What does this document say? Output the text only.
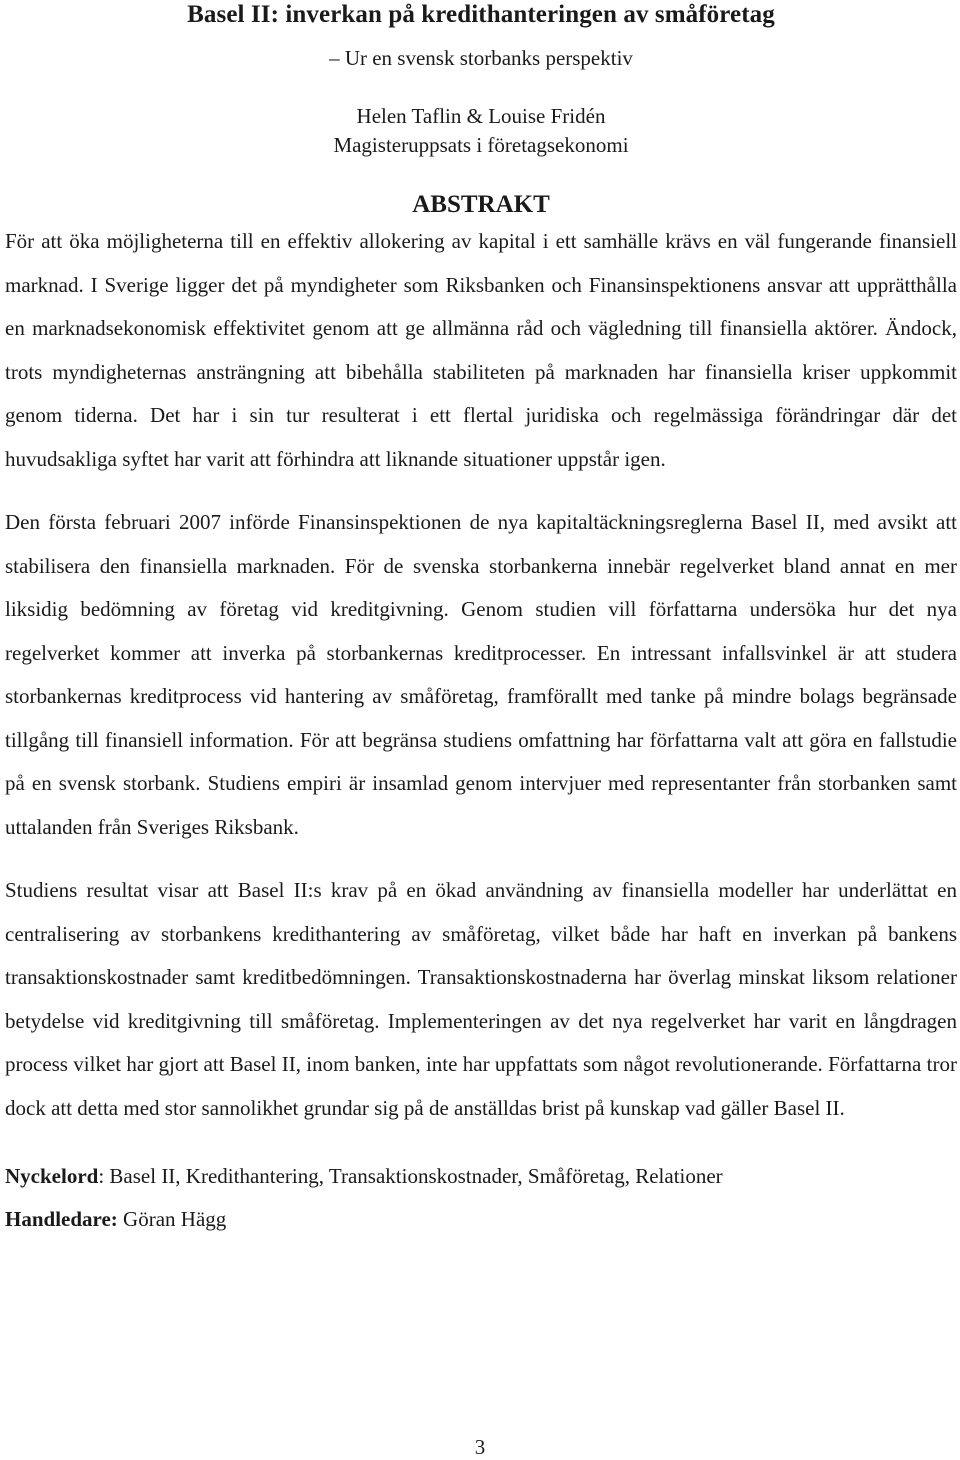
Basel II: inverkan på kredithanteringen av småföretag

– Ur en svensk storbanks perspektiv

Helen Taflin & Louise Fridén

Magisteruppsats i företagsekonomi

ABSTRAKT

För att öka möjligheterna till en effektiv allokering av kapital i ett samhälle krävs en väl fungerande finansiell marknad. I Sverige ligger det på myndigheter som Riksbanken och Finansinspektionens ansvar att upprätthålla en marknadsekonomisk effektivitet genom att ge allmänna råd och vägledning till finansiella aktörer. Ändock, trots myndigheternas ansträngning att bibehålla stabiliteten på marknaden har finansiella kriser uppkommit genom tiderna. Det har i sin tur resulterat i ett flertal juridiska och regelmässiga förändringar där det huvudsakliga syftet har varit att förhindra att liknande situationer uppstår igen.

Den första februari 2007 införde Finansinspektionen de nya kapitaltäckningsreglerna Basel II, med avsikt att stabilisera den finansiella marknaden. För de svenska storbankerna innebär regelverket bland annat en mer liksidig bedömning av företag vid kreditgivning. Genom studien vill författarna undersöka hur det nya regelverket kommer att inverka på storbankernas kreditprocesser. En intressant infallsvinkel är att studera storbankernas kreditprocess vid hantering av småföretag, framförallt med tanke på mindre bolags begränsade tillgång till finansiell information. För att begränsa studiens omfattning har författarna valt att göra en fallstudie på en svensk storbank. Studiens empiri är insamlad genom intervjuer med representanter från storbanken samt uttalanden från Sveriges Riksbank.

Studiens resultat visar att Basel II:s krav på en ökad användning av finansiella modeller har underlättat en centralisering av storbankens kredithantering av småföretag, vilket både har haft en inverkan på bankens transaktionskostnader samt kreditbedömningen. Transaktionskostnaderna har överlag minskat liksom relationer betydelse vid kreditgivning till småföretag. Implementeringen av det nya regelverket har varit en långdragen process vilket har gjort att Basel II, inom banken, inte har uppfattats som något revolutionerande. Författarna tror dock att detta med stor sannolikhet grundar sig på de anställdas brist på kunskap vad gäller Basel II.

Nyckelord: Basel II, Kredithantering, Transaktionskostnader, Småföretag, Relationer

Handledare: Göran Hägg

3
